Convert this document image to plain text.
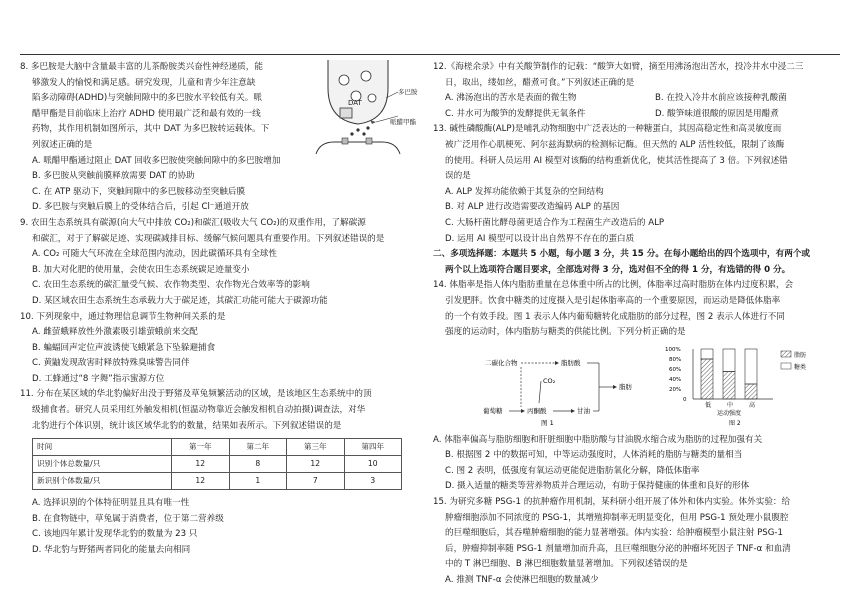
8. 多巴胺是大脑中含量最丰富的儿茶酚胺类兴奋性神经递质，能

够激发人的愉悦和满足感。研究发现，儿童和青少年注意缺

陷多动障碍(ADHD)与突触间隙中的多巴胺水平较低有关。哌

醋甲酯是目前临床上治疗 ADHD 使用最广泛和最有效的一线

药物，其作用机制如图所示，其中 DAT 为多巴胺转运载体。下

列叙述正确的是

DAT
多巴胺
哌醋甲酯

A. 哌醋甲酯通过阻止 DAT 回收多巴胺使突触间隙中的多巴胺增加

B. 多巴胺从突触前膜释放需要 DAT 的协助

C. 在 ATP 驱动下，突触间隙中的多巴胺移动至突触后膜

D. 多巴胺与突触后膜上的受体结合后，引起 Cl⁻通道开放

9. 农田生态系统具有碳源(向大气中排放 CO₂)和碳汇(吸收大气 CO₂)的双重作用，了解碳源

和碳汇，对于了解碳足迹、实现碳减排目标、缓解气候问题具有重要作用。下列叙述错误的是

A. CO₂ 可随大气环流在全球范围内流动，因此碳循环具有全球性

B. 加大对化肥的使用量，会使农田生态系统碳足迹量变小

C. 农田生态系统的碳汇量受气候、农作物类型、农作物光合效率等的影响

D. 某区域农田生态系统生态承载力大于碳足迹，其碳汇功能可能大于碳源功能

10. 下列现象中，通过物理信息调节生物种间关系的是

A. 雌萤蛾释放性外激素吸引雄萤蛾前来交配

B. 蝙蝠回声定位声波诱使飞蛾紧急下坠躲避捕食

C. 黄鼬发现敌害时释放特殊臭味警告同伴

D. 工蜂通过“8 字舞”指示蜜源方位

11. 分布在某区域的华北豹偏好出没于野猪及草兔频繁活动的区域，是该地区生态系统中的顶

级捕食者。研究人员采用红外触发相机(恒温动物靠近会触发相机自动拍摄)调查法，对华

北豹进行个体识别，统计该区域华北豹的数量，结果如表所示。下列叙述错误的是

时间	第一年	第二年	第三年	第四年
识别个体总数量/只	12	8	12	10
新识别个体数量/只	12	1	7	3

A. 选择识别的个体特征明显且具有唯一性

B. 在食物链中，草兔属于消费者，位于第二营养级

C. 该地四年累计发现华北豹的数量为 23 只

D. 华北豹与野猪两者同化的能量去向相同

12.《海槎余录》中有关酸笋制作的记载：“酸笋大如臂，摘至用沸汤泡出苦水，投冷井水中浸二三

日，取出，缕如丝，醋煮可食。”下列叙述正确的是

A. 沸汤泡出的苦水是表面的微生物	B. 在投入冷井水前应该接种乳酸菌
C. 井水可为酸笋的发酵提供无氧条件	D. 酸笋味道很酸的原因是用醋煮

13. 碱性磷酸酶(ALP)是哺乳动物细胞中广泛表达的一种糖蛋白，其因高稳定性和高灵敏度而

被广泛用作心肌梗死、阿尔兹海默病的检测标记酶。但天然的 ALP 活性较低，限制了该酶

的使用。科研人员运用 AI 模型对该酶的结构重新优化，使其活性提高了 3 倍。下列叙述错

误的是

A. ALP 发挥功能依赖于其复杂的空间结构

B. 对 ALP 进行改造需要改造编码 ALP 的基因

C. 大肠杆菌比酵母菌更适合作为工程菌生产改造后的 ALP

D. 运用 AI 模型可以设计出自然界不存在的蛋白质

二、多项选择题：本题共 5 小题，每小题 3 分，共 15 分。在每小题给出的四个选项中，有两个或

两个以上选项符合题目要求，全部选对得 3 分，选对但不全的得 1 分，有选错的得 0 分。

14. 体脂率是指人体内脂肪重量在总体重中所占的比例，体脂率过高时脂肪在体内过度积累，会

引发肥胖。饮食中糖类的过度摄入是引起体脂率高的一个重要原因，而运动是降低体脂率

的一个有效手段。图 1 表示人体内葡萄糖转化成脂肪的部分过程，图 2 表示人体进行不同

强度的运动时，体内脂肪与糖类的供能比例。下列分析正确的是

二碳化合物	脂肪酸
脂肪
CO₂
葡萄糖	丙酮酸	甘油
图 1
100%
80%
60%
40%
20%
0
低	中	高
运动强度
图 2
脂肪
糖类

A. 体脂率偏高与脂肪细胞和肝脏细胞中脂肪酸与甘油脱水缩合成为脂肪的过程加强有关

B. 根据图 2 中的数据可知，中等运动强度时，人体消耗的脂肪与糖类的量相当

C. 图 2 表明，低强度有氧运动更能促进脂肪氧化分解，降低体脂率

D. 摄入适量的糖类等营养物质并合理运动，有助于保持健康的体重和良好的形体

15. 为研究多糖 PSG-1 的抗肿瘤作用机制，某科研小组开展了体外和体内实验。体外实验：给

肿瘤细胞添加不同浓度的 PSG-1，其增殖抑制率无明显变化，但用 PSG-1 预处理小鼠腹腔

的巨噬细胞后，其吞噬肿瘤细胞的能力显著增强。体内实验：给肿瘤模型小鼠注射 PSG-1

后，肿瘤抑制率随 PSG-1 剂量增加而升高，且巨噬细胞分泌的肿瘤坏死因子 TNF-α 和血清

中的 T 淋巴细胞、B 淋巴细胞数量显著增加。下列叙述错误的是

A. 推测 TNF-α 会使淋巴细胞的数量减少
